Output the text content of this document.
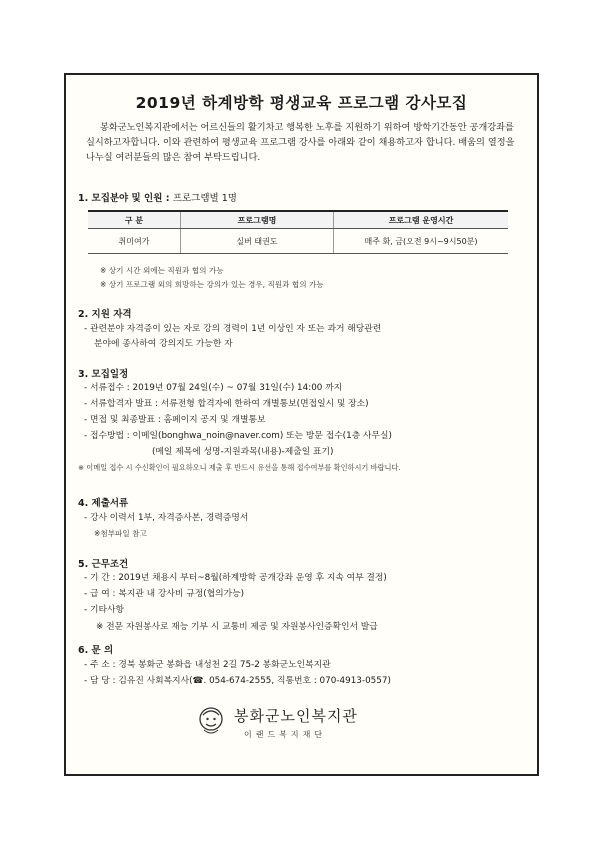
2019년 하계방학 평생교육 프로그램 강사모집

봉화군노인복지관에서는 어르신들의 활기차고 행복한 노후를 지원하기 위하여 방학기간동안 공개강좌를 실시하고자합니다. 이와 관련하여 평생교육 프로그램 강사를 아래와 같이 채용하고자 합니다. 배움의 열정을 나누실 여러분들의 많은 참여 부탁드립니다.

1. 모집분야 및 인원 : 프로그램별 1명
구 분	프로그램명	프로그램 운영시간
취미여가	실버 태권도	매주 화, 금(오전 9시~9시50분)
※ 상기 시간 외에는 직원과 협의 가능
※ 상기 프로그램 외의 희망하는 강의가 있는 경우, 직원과 협의 가능
2. 지원 자격
- 관련분야 자격증이 있는 자로 강의 경력이 1년 이상인 자 또는 과거 해당관련
분야에 종사하여 강의지도 가능한 자
3. 모집일정
- 서류접수 : 2019년 07월 24일(수) ~ 07월 31일(수) 14:00 까지
- 서류합격자 발표 : 서류전형 합격자에 한하여 개별통보(면접일시 및 장소)
- 면접 및 최종발표 : 홈페이지 공지 및 개별통보
- 접수방법 : 이메일(bonghwa_noin@naver.com) 또는 방문 접수(1층 사무실)
(메일 제목에 성명-지원과목(내용)-제출일 표기)
※ 이메일 접수 시 수신확인이 필요하오니 제출 후 반드시 유선을 통해 접수여부를 확인하시기 바랍니다.
4. 제출서류
- 강사 이력서 1부, 자격증사본, 경력증명서
※첨부파일 참고
5. 근무조건
- 기 간 : 2019년 채용시 부터~8월(하계방학 공개강좌 운영 후 지속 여부 결정)
- 급 여 : 복지관 내 강사비 규정(협의가능)
- 기타사항
※ 전문 자원봉사로 재능 기부 시 교통비 제공 및 자원봉사인증확인서 발급
6. 문 의
- 주 소 : 경북 봉화군 봉화읍 내성천 2길 75-2 봉화군노인복지관
- 담 당 : 김유진 사회복지사(☎. 054-674-2555, 직통번호 : 070-4913-0557)
봉화군노인복지관
이랜드복지재단
